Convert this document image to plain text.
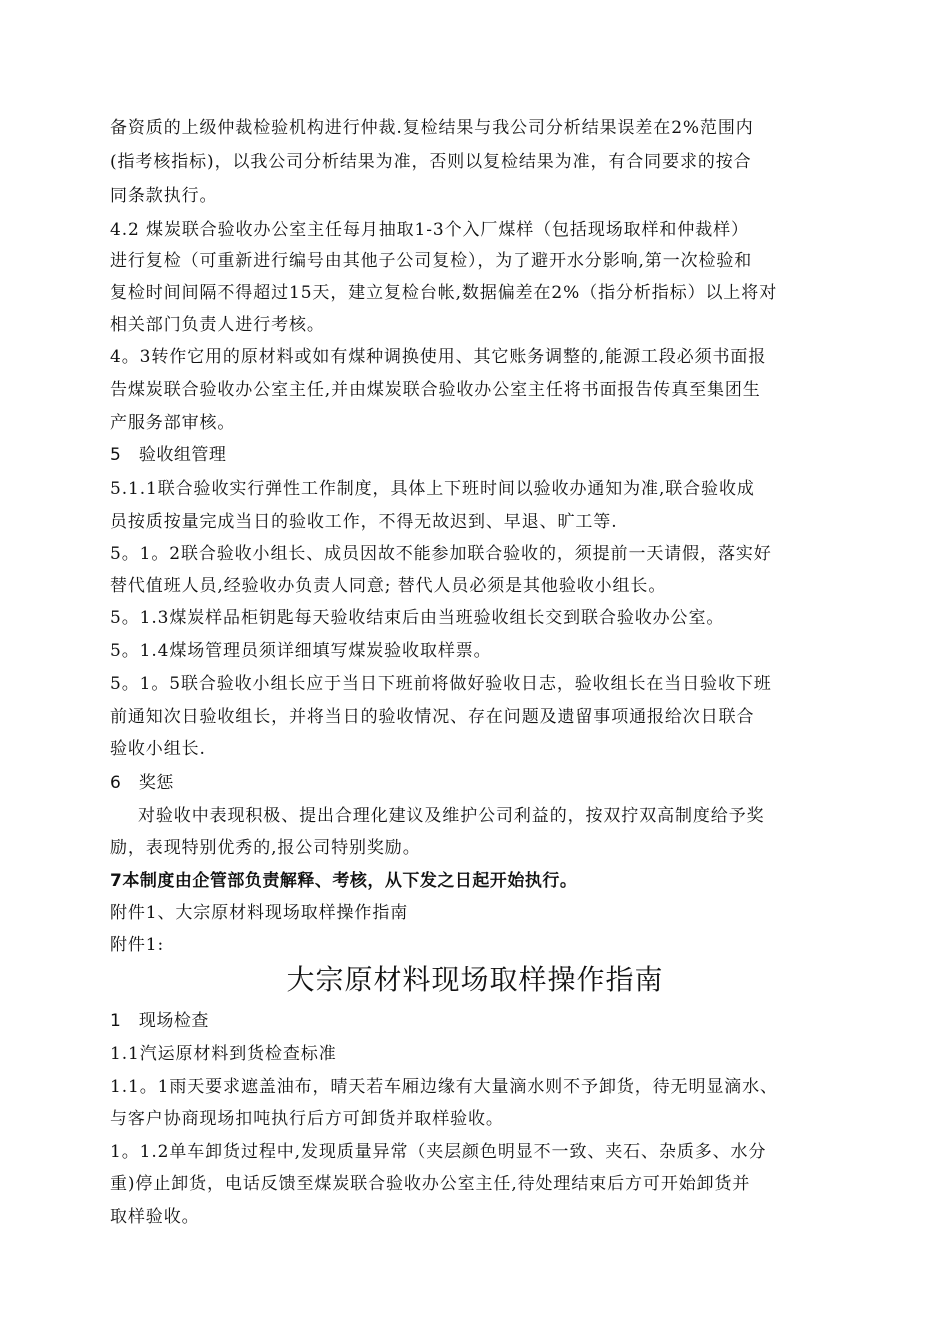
备资质的上级仲裁检验机构进行仲裁.复检结果与我公司分析结果误差在2%范围内
(指考核指标)，以我公司分析结果为准，否则以复检结果为准，有合同要求的按合
同条款执行。
4.2 煤炭联合验收办公室主任每月抽取1-3个入厂煤样（包括现场取样和仲裁样）
进行复检（可重新进行编号由其他子公司复检），为了避开水分影响,第一次检验和
复检时间间隔不得超过15天，建立复检台帐,数据偏差在2%（指分析指标）以上将对
相关部门负责人进行考核。
4。3转作它用的原材料或如有煤种调换使用、其它账务调整的,能源工段必须书面报
告煤炭联合验收办公室主任,并由煤炭联合验收办公室主任将书面报告传真至集团生
产服务部审核。
5　验收组管理
5.1.1联合验收实行弹性工作制度，具体上下班时间以验收办通知为准,联合验收成
员按质按量完成当日的验收工作，不得无故迟到、早退、旷工等.
5。1。2联合验收小组长、成员因故不能参加联合验收的，须提前一天请假，落实好
替代值班人员,经验收办负责人同意; 替代人员必须是其他验收小组长。
5。1.3煤炭样品柜钥匙每天验收结束后由当班验收组长交到联合验收办公室。
5。1.4煤场管理员须详细填写煤炭验收取样票。
5。1。5联合验收小组长应于当日下班前将做好验收日志，验收组长在当日验收下班
前通知次日验收组长，并将当日的验收情况、存在问题及遗留事项通报给次日联合
验收小组长.
6　奖惩
对验收中表现积极、提出合理化建议及维护公司利益的，按双拧双高制度给予奖
励，表现特别优秀的,报公司特别奖励。
7本制度由企管部负责解释、考核，从下发之日起开始执行。
附件1、大宗原材料现场取样操作指南
附件1:
大宗原材料现场取样操作指南
1　现场检查
1.1汽运原材料到货检查标准
1.1。1雨天要求遮盖油布，晴天若车厢边缘有大量滴水则不予卸货，待无明显滴水、
与客户协商现场扣吨执行后方可卸货并取样验收。
1。1.2单车卸货过程中,发现质量异常（夹层颜色明显不一致、夹石、杂质多、水分
重)停止卸货，电话反馈至煤炭联合验收办公室主任,待处理结束后方可开始卸货并
取样验收。
